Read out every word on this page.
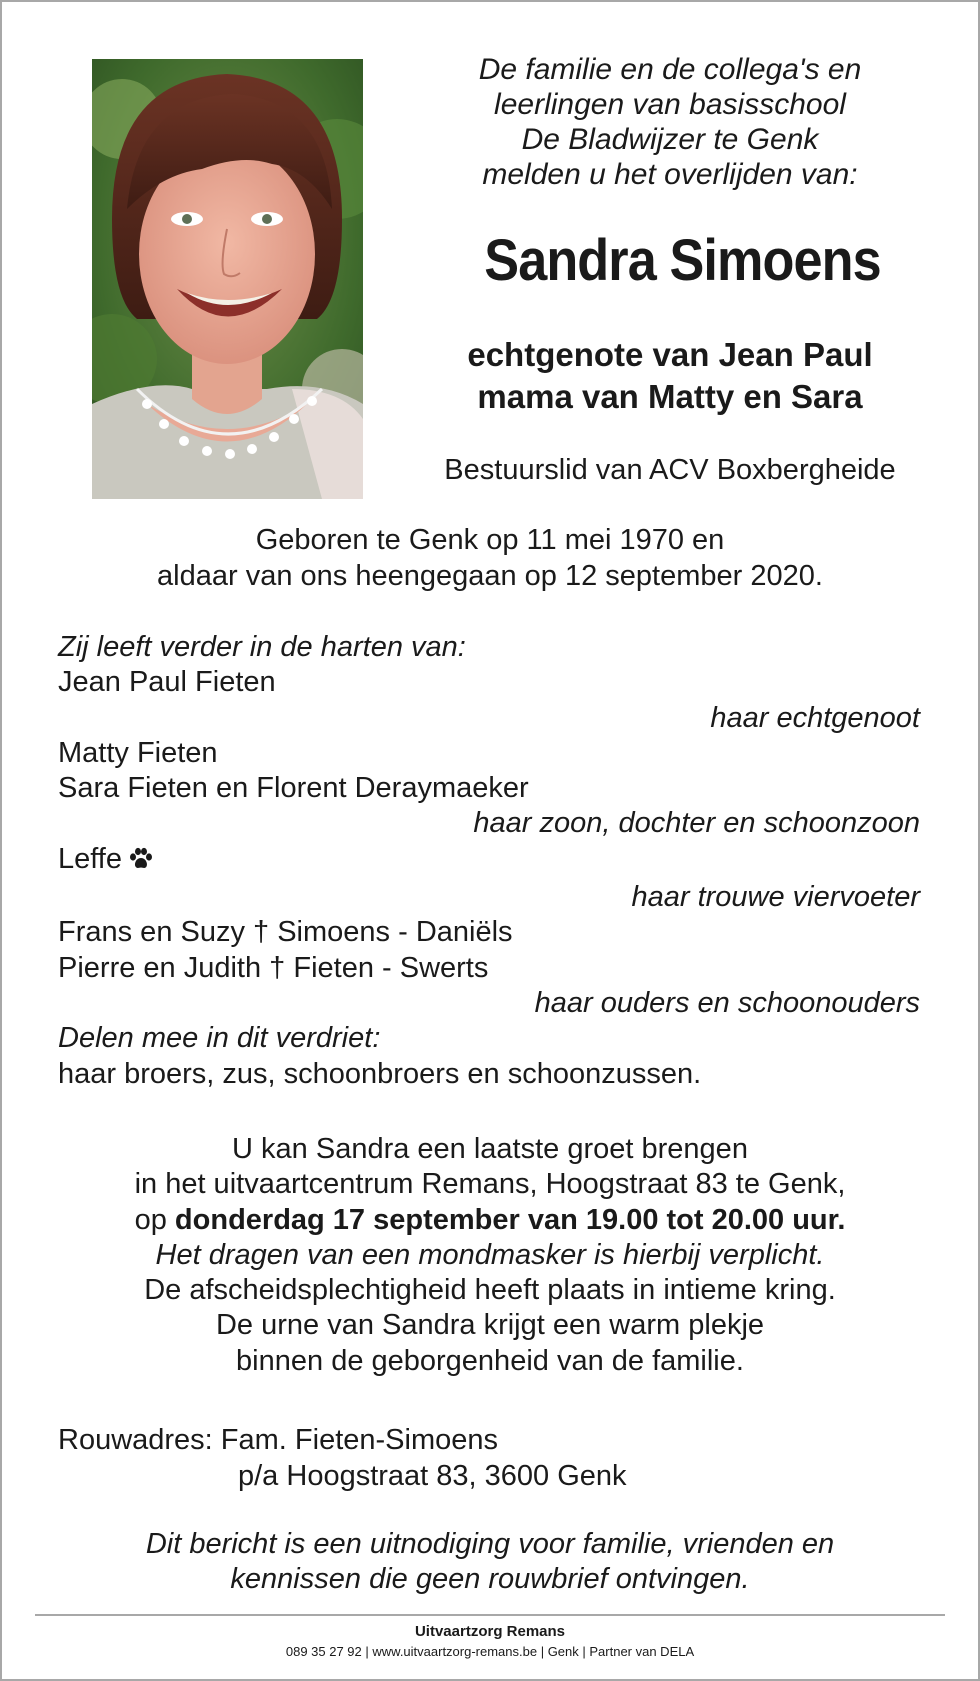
De familie en de collega's en
leerlingen van basisschool
De Bladwijzer te Genk
melden u het overlijden van:
Sandra Simoens
echtgenote van Jean Paul
mama van Matty en Sara
Bestuurslid van ACV Boxbergheide
Geboren te Genk op 11 mei 1970 en
aldaar van ons heengegaan op 12 september 2020.
Zij leeft verder in de harten van:
Jean Paul Fieten
haar echtgenoot
Matty Fieten
Sara Fieten en Florent Deraymaeker
haar zoon, dochter en schoonzoon
Leffe
haar trouwe viervoeter
Frans en Suzy † Simoens - Daniëls
Pierre en Judith † Fieten - Swerts
haar ouders en schoonouders
Delen mee in dit verdriet:
haar broers, zus, schoonbroers en schoonzussen.
U kan Sandra een laatste groet brengen
in het uitvaartcentrum Remans, Hoogstraat 83 te Genk,
op donderdag 17 september van 19.00 tot 20.00 uur.
Het dragen van een mondmasker is hierbij verplicht.
De afscheidsplechtigheid heeft plaats in intieme kring.
De urne van Sandra krijgt een warm plekje
binnen de geborgenheid van de familie.
Rouwadres: Fam. Fieten-Simoens
p/a Hoogstraat 83, 3600 Genk
Dit bericht is een uitnodiging voor familie, vrienden en
kennissen die geen rouwbrief ontvingen.
Uitvaartzorg Remans
089 35 27 92 | www.uitvaartzorg-remans.be | Genk | Partner van DELA
